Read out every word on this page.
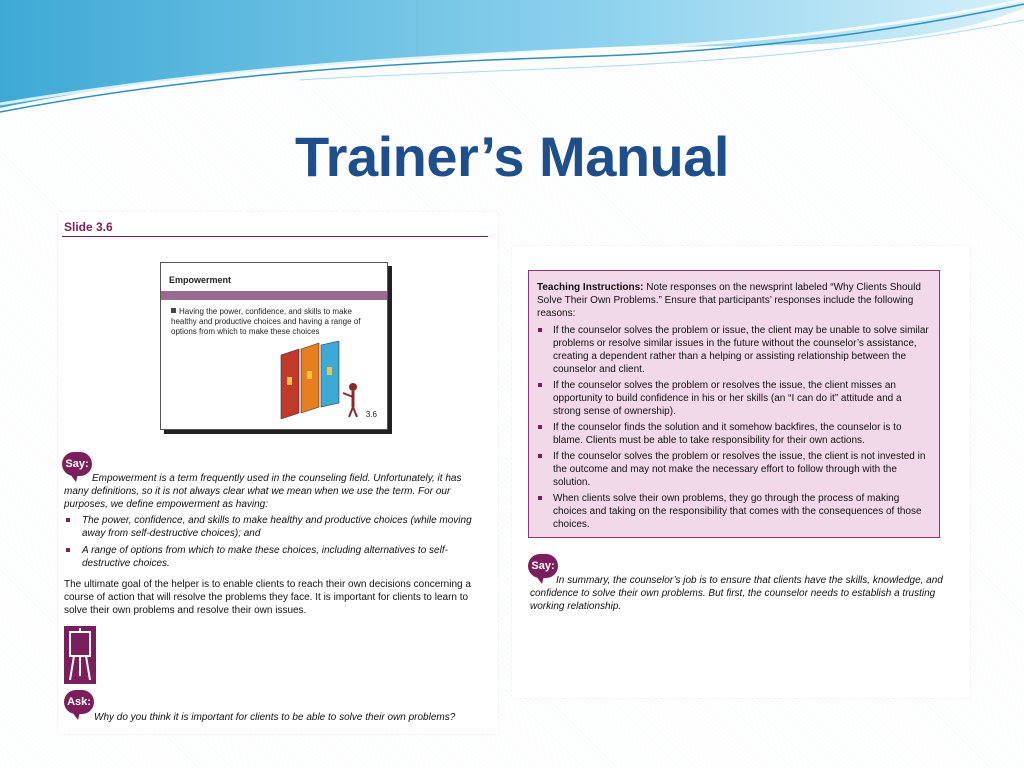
Trainer’s Manual
Slide 3.6
Empowerment
Having the power, confidence, and skills to make healthy and productive choices and having a range of options from which to make these choices
3.6
Say:
Empowerment is a term frequently used in the counseling field. Unfortunately, it has many definitions, so it is not always clear what we mean when we use the term. For our purposes, we define empowerment as having:
The power, confidence, and skills to make healthy and productive choices (while moving away from self-destructive choices); and
A range of options from which to make these choices, including alternatives to self-destructive choices.
The ultimate goal of the helper is to enable clients to reach their own decisions concerning a course of action that will resolve the problems they face. It is important for clients to learn to solve their own problems and resolve their own issues.
Ask:
Why do you think it is important for clients to be able to solve their own problems?
Teaching Instructions: Note responses on the newsprint labeled “Why Clients Should Solve Their Own Problems.” Ensure that participants’ responses include the following reasons:
If the counselor solves the problem or issue, the client may be unable to solve similar problems or resolve similar issues in the future without the counselor’s assistance, creating a dependent rather than a helping or assisting relationship between the counselor and client.
If the counselor solves the problem or resolves the issue, the client misses an opportunity to build confidence in his or her skills (an “I can do it” attitude and a strong sense of ownership).
If the counselor finds the solution and it somehow backfires, the counselor is to blame. Clients must be able to take responsibility for their own actions.
If the counselor solves the problem or resolves the issue, the client is not invested in the outcome and may not make the necessary effort to follow through with the solution.
When clients solve their own problems, they go through the process of making choices and taking on the responsibility that comes with the consequences of those choices.
Say:
In summary, the counselor’s job is to ensure that clients have the skills, knowledge, and confidence to solve their own problems. But first, the counselor needs to establish a trusting working relationship.
